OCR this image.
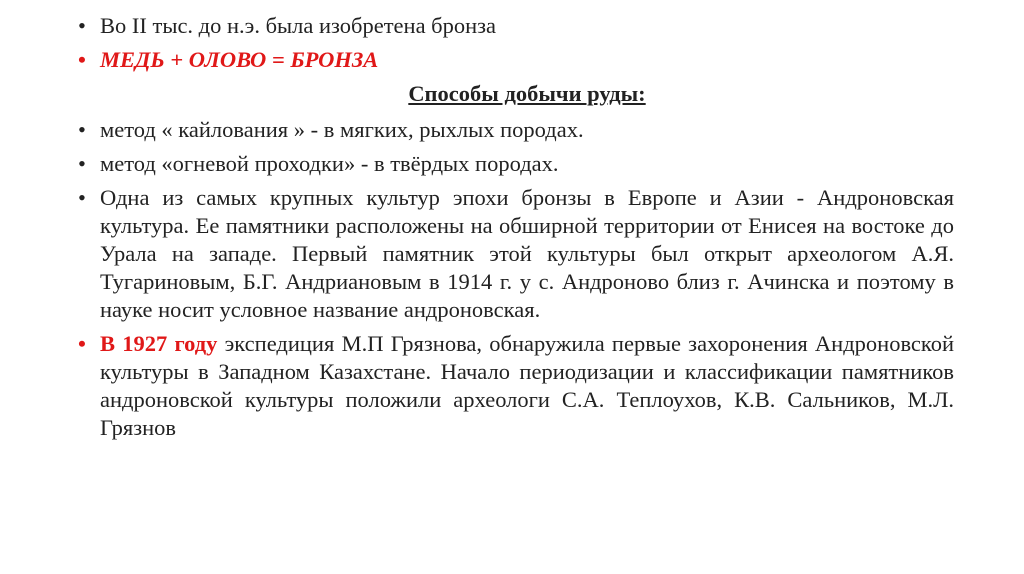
• Во II тыс. до н.э. была изобретена бронза
• МЕДЬ + ОЛОВО = БРОНЗА
Способы добычи руды:
• метод « кайлования » - в мягких, рыхлых породах.
• метод «огневой проходки» - в твёрдых породах.
• Одна из самых крупных культур эпохи бронзы в Европе и Азии - Андроновская культура. Ее памятники расположены на обширной территории от Енисея на востоке до Урала на западе. Первый памятник этой культуры был открыт археологом А.Я. Тугариновым, Б.Г. Андриановым в 1914 г. у с. Андроново близ г. Ачинска и поэтому в науке носит условное название андроновская.
• В 1927 году экспедиция М.П Грязнова, обнаружила первые захоронения Андроновской культуры в Западном Казахстане. Начало периодизации и классификации памятников андроновской культуры положили археологи С.А. Теплоухов, К.В. Сальников, М.Л. Грязнов
